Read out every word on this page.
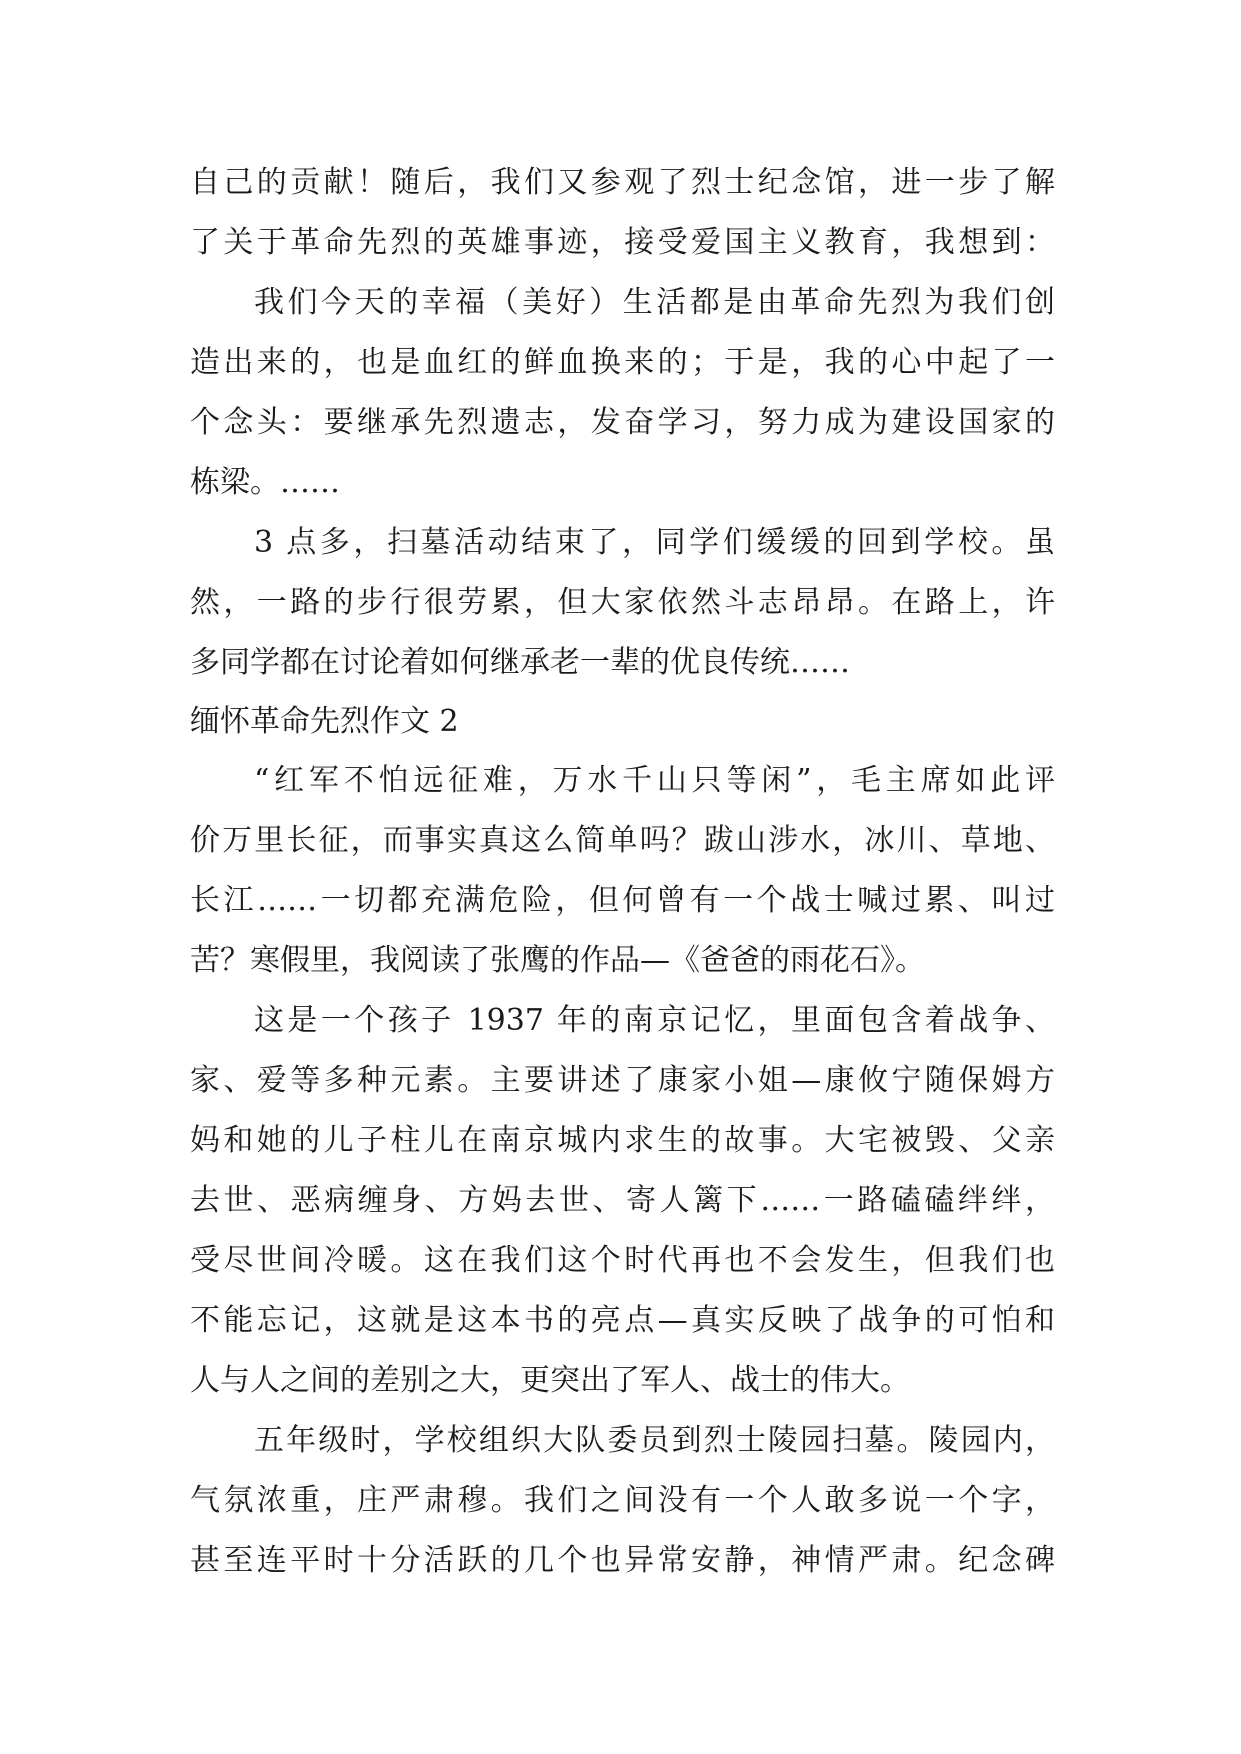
自己的贡献！随后，我们又参观了烈士纪念馆，进一步了解
了关于革命先烈的英雄事迹，接受爱国主义教育，我想到：
我们今天的幸福（美好）生活都是由革命先烈为我们创
造出来的，也是血红的鲜血换来的；于是，我的心中起了一
个念头：要继承先烈遗志，发奋学习，努力成为建设国家的
栋梁。……
3 点多，扫墓活动结束了，同学们缓缓的回到学校。虽
然，一路的步行很劳累，但大家依然斗志昂昂。在路上，许
多同学都在讨论着如何继承老一辈的优良传统……
缅怀革命先烈作文 2
“红军不怕远征难，万水千山只等闲”，毛主席如此评
价万里长征，而事实真这么简单吗？跋山涉水，冰川、草地、
长江……一切都充满危险，但何曾有一个战士喊过累、叫过
苦？寒假里，我阅读了张鹰的作品—《爸爸的雨花石》。
这是一个孩子 1937 年的南京记忆，里面包含着战争、
家、爱等多种元素。主要讲述了康家小姐—康攸宁随保姆方
妈和她的儿子柱儿在南京城内求生的故事。大宅被毁、父亲
去世、恶病缠身、方妈去世、寄人篱下……一路磕磕绊绊，
受尽世间冷暖。这在我们这个时代再也不会发生，但我们也
不能忘记，这就是这本书的亮点—真实反映了战争的可怕和
人与人之间的差别之大，更突出了军人、战士的伟大。
五年级时，学校组织大队委员到烈士陵园扫墓。陵园内，
气氛浓重，庄严肃穆。我们之间没有一个人敢多说一个字，
甚至连平时十分活跃的几个也异常安静，神情严肃。纪念碑
